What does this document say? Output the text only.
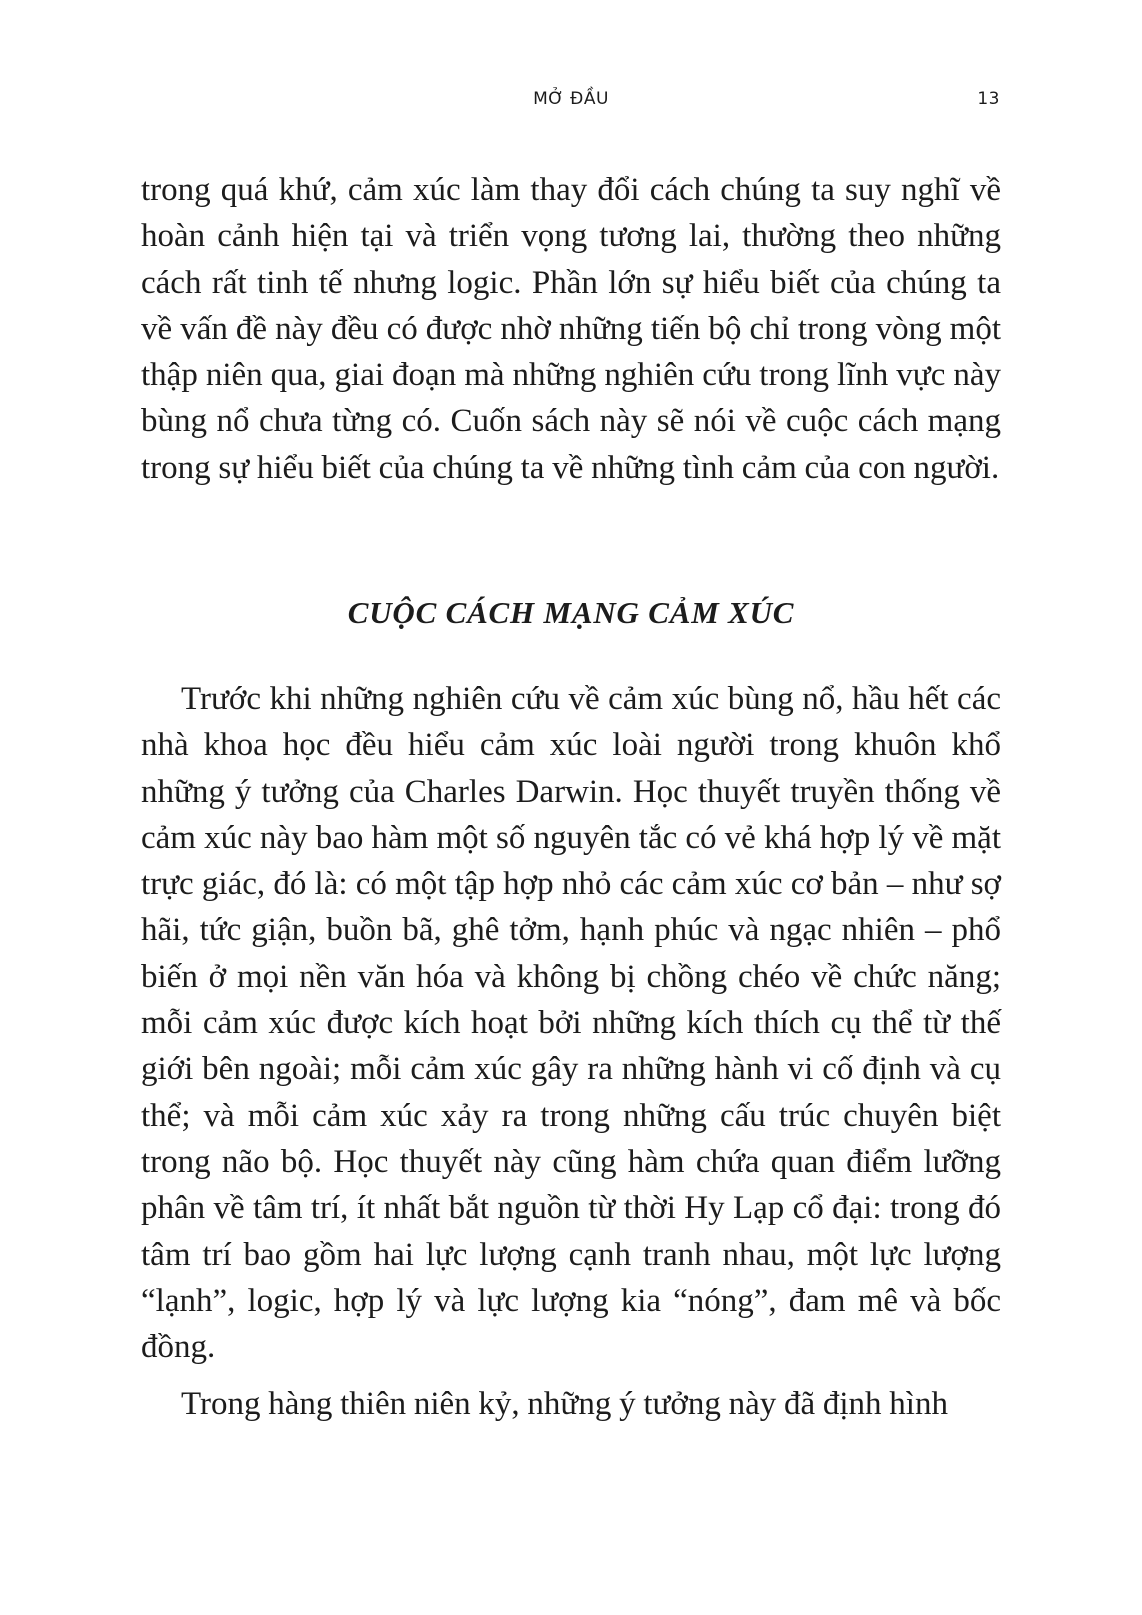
MỞ ĐẦU	13

trong quá khứ, cảm xúc làm thay đổi cách chúng ta suy nghĩ về hoàn cảnh hiện tại và triển vọng tương lai, thường theo những cách rất tinh tế nhưng logic. Phần lớn sự hiểu biết của chúng ta về vấn đề này đều có được nhờ những tiến bộ chỉ trong vòng một thập niên qua, giai đoạn mà những nghiên cứu trong lĩnh vực này bùng nổ chưa từng có. Cuốn sách này sẽ nói về cuộc cách mạng trong sự hiểu biết của chúng ta về những tình cảm của con người.

CUỘC CÁCH MẠNG CẢM XÚC

Trước khi những nghiên cứu về cảm xúc bùng nổ, hầu hết các nhà khoa học đều hiểu cảm xúc loài người trong khuôn khổ những ý tưởng của Charles Darwin. Học thuyết truyền thống về cảm xúc này bao hàm một số nguyên tắc có vẻ khá hợp lý về mặt trực giác, đó là: có một tập hợp nhỏ các cảm xúc cơ bản – như sợ hãi, tức giận, buồn bã, ghê tởm, hạnh phúc và ngạc nhiên – phổ biến ở mọi nền văn hóa và không bị chồng chéo về chức năng; mỗi cảm xúc được kích hoạt bởi những kích thích cụ thể từ thế giới bên ngoài; mỗi cảm xúc gây ra những hành vi cố định và cụ thể; và mỗi cảm xúc xảy ra trong những cấu trúc chuyên biệt trong não bộ. Học thuyết này cũng hàm chứa quan điểm lưỡng phân về tâm trí, ít nhất bắt nguồn từ thời Hy Lạp cổ đại: trong đó tâm trí bao gồm hai lực lượng cạnh tranh nhau, một lực lượng “lạnh”, logic, hợp lý và lực lượng kia “nóng”, đam mê và bốc đồng.

Trong hàng thiên niên kỷ, những ý tưởng này đã định hình
